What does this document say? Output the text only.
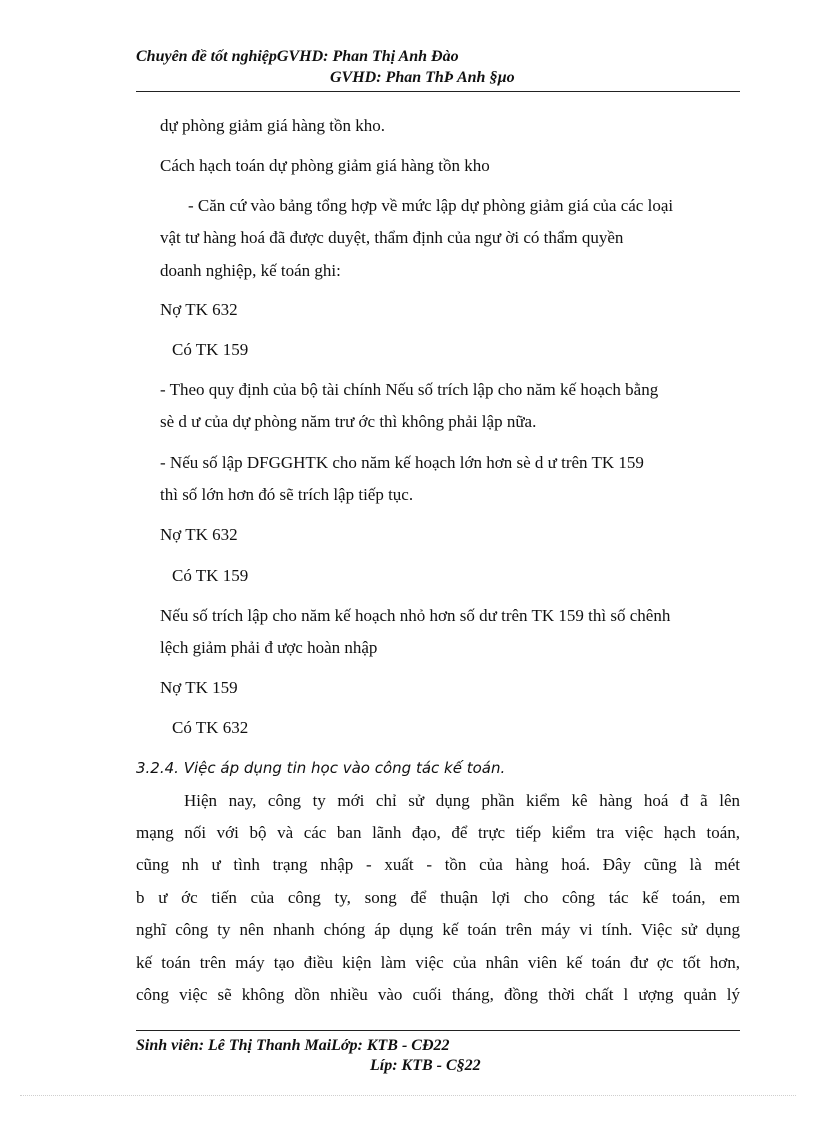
Chuyên đề tốt nghiệpGVHD: Phan Thị Anh Đào
GVHD: Phan ThÞ Anh §µo
dự phòng giảm giá hàng tồn kho.
Cách hạch toán dự phòng giảm giá hàng tồn kho
- Căn cứ vào bảng tổng hợp về mức lập dự phòng giảm giá của các loại
vật tư hàng hoá đã được duyệt, thẩm định của ngư ời có thẩm quyền
doanh nghiệp, kế toán ghi:
Nợ TK 632
Có TK 159
- Theo quy định của bộ tài chính Nếu số trích lập cho năm kế hoạch bằng
sè d ư của dự phòng năm trư ớc thì không phải lập nữa.
- Nếu số lập DFGGHTK cho năm kế hoạch lớn hơn sè d ư trên TK 159
thì số lớn hơn đó sẽ trích lập tiếp tục.
Nợ TK 632
Có TK 159
Nếu số trích lập cho năm kế hoạch nhỏ hơn số dư trên TK 159 thì số chênh
lệch giảm phải đ ược hoàn nhập
Nợ TK 159
Có TK 632
3.2.4. Việc áp dụng tin học vào công tác kế toán.
Hiện nay, công ty mới chỉ sử dụng phần kiểm kê hàng hoá đ ã lên
mạng nối với bộ và các ban lãnh đạo, để trực tiếp kiểm tra việc hạch toán,
cũng nh ư tình trạng nhập - xuất - tồn của hàng hoá. Đây cũng là mét
b ư ớc tiến của công ty, song để thuận lợi cho công tác kế toán, em
nghĩ công ty nên nhanh chóng áp dụng kế toán trên máy vi tính. Việc sử dụng
kế toán trên máy tạo điều kiện làm việc của nhân viên kế toán đư ợc tốt hơn,
công việc sẽ không dồn nhiều vào cuối tháng, đồng thời chất l ượng quản lý
Sinh viên: Lê Thị Thanh MaiLớp: KTB - CĐ22
Líp: KTB - C§22
